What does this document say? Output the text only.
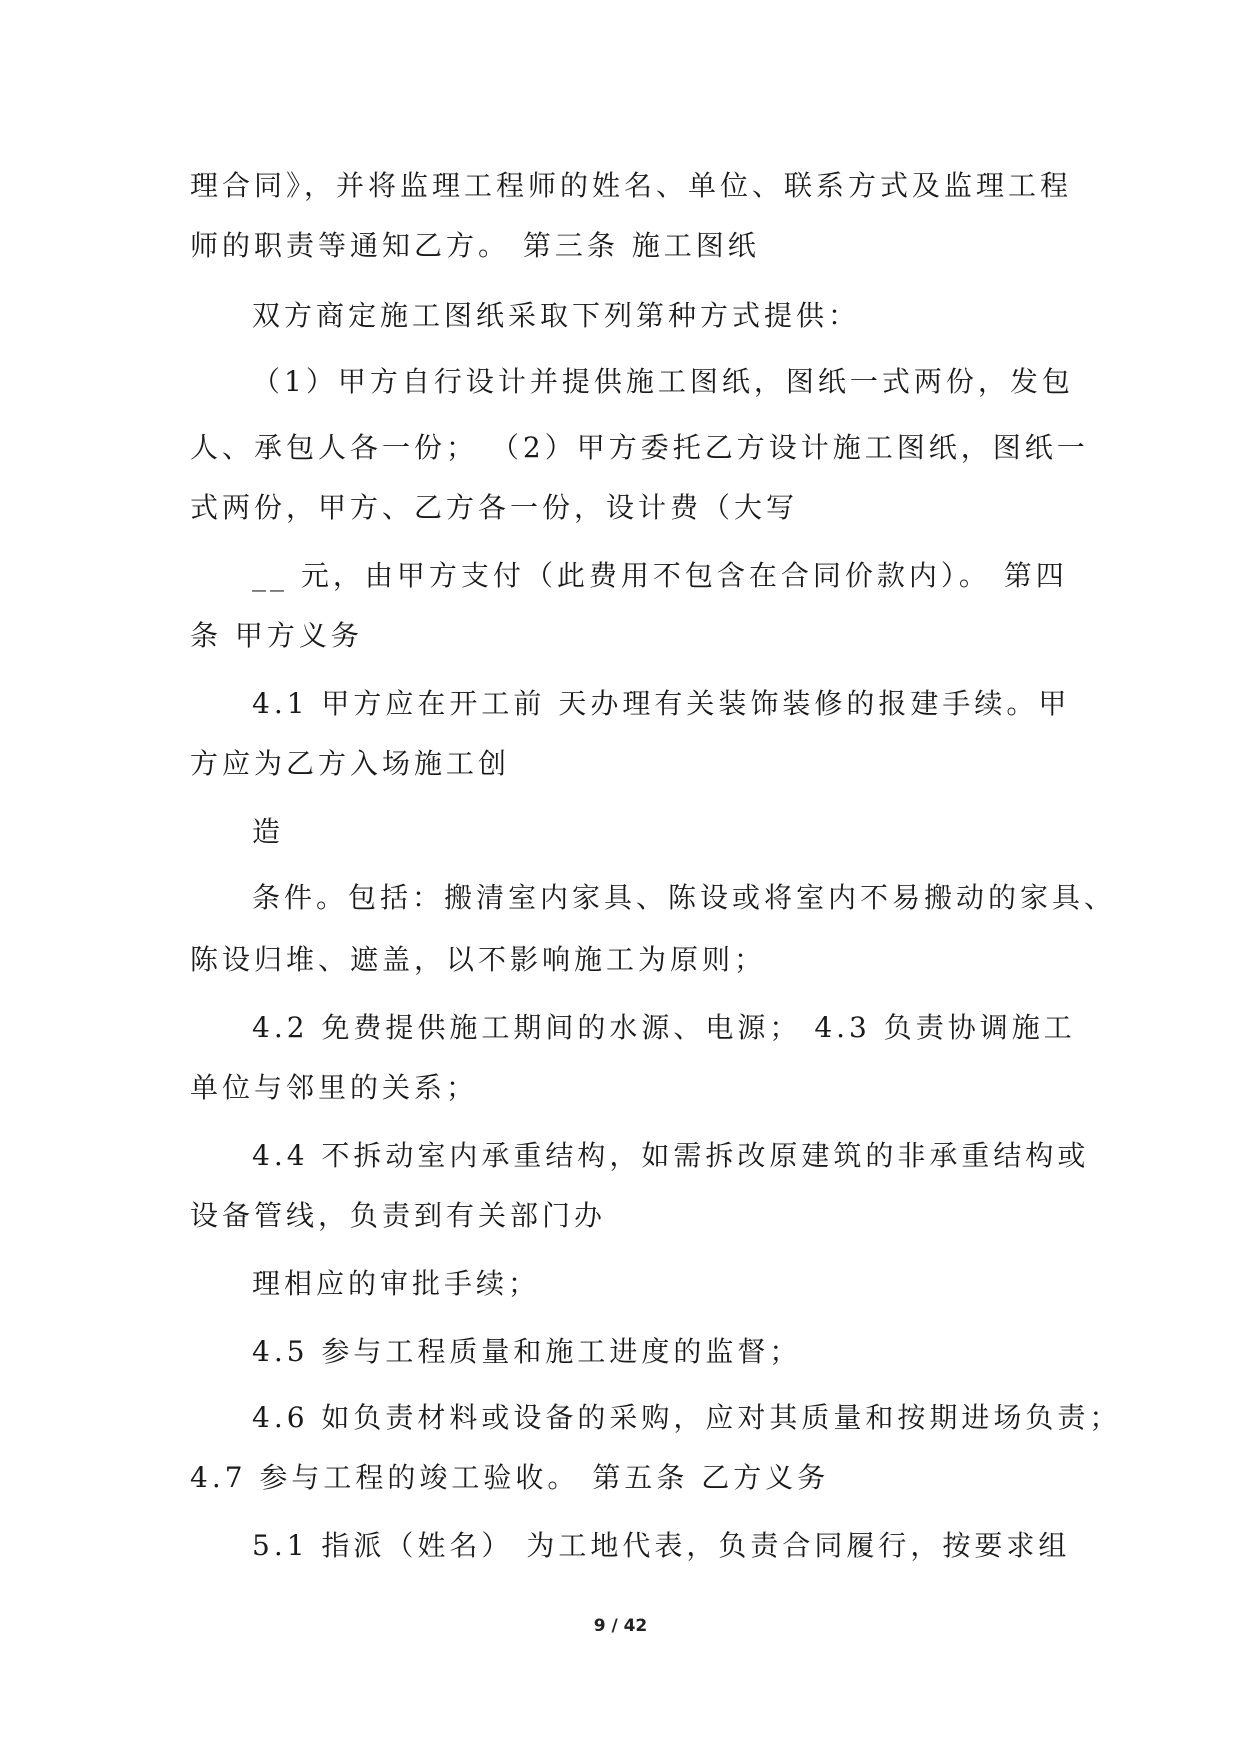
理合同》，并将监理工程师的姓名、单位、联系方式及监理工程
师的职责等通知乙方。 第三条 施工图纸
双方商定施工图纸采取下列第种方式提供：
（1）甲方自行设计并提供施工图纸，图纸一式两份，发包
人、承包人各一份； （2）甲方委托乙方设计施工图纸，图纸一
式两份，甲方、乙方各一份，设计费（大写
__ 元，由甲方支付（此费用不包含在合同价款内）。 第四
条 甲方义务
4.1 甲方应在开工前 天办理有关装饰装修的报建手续。甲
方应为乙方入场施工创
造
条件。包括：搬清室内家具、陈设或将室内不易搬动的家具、
陈设归堆、遮盖，以不影响施工为原则；
4.2 免费提供施工期间的水源、电源； 4.3 负责协调施工
单位与邻里的关系；
4.4 不拆动室内承重结构，如需拆改原建筑的非承重结构或
设备管线，负责到有关部门办
理相应的审批手续；
4.5 参与工程质量和施工进度的监督；
4.6 如负责材料或设备的采购，应对其质量和按期进场负责；
4.7 参与工程的竣工验收。 第五条 乙方义务
5.1 指派（姓名） 为工地代表，负责合同履行，按要求组
9 / 42
